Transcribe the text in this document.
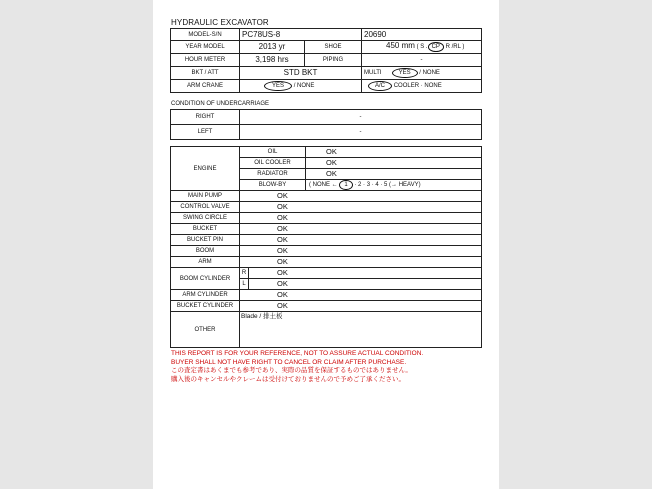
HYDRAULIC EXCAVATOR
MODEL-S/N	PC78US-8		20690
YEAR MODEL	2013 yr	SHOE	450 mm ( S . CP R /RL )
HOUR METER	3,198 hrs	PIPING	-
BKT / ATT	STD BKT		MULTI YES / NONE
ARM CRANE	YES / NONE		A/C COOLER · NONE
CONDITION OF UNDERCARRIAGE
RIGHT	-
LEFT	-
ENGINE	OIL		OK
	OIL COOLER		OK
	RADIATOR		OK
	BLOW-BY		( NONE ← 1 · 2 · 3 · 4 · 5 (→ HEAVY)
MAIN PUMP	OK		
CONTROL VALVE	OK		
SWING CIRCLE	OK		
BUCKET	OK		
BUCKET PIN	OK		
BOOM	OK		
ARM	OK		
BOOM CYLINDER	R	OK	
	L	OK	
ARM CYLINDER	OK		
BUCKET CYLINDER	OK		
OTHER	Blade / 排土板		
THIS REPORT IS FOR YOUR REFERENCE, NOT TO ASSURE ACTUAL CONDITION.
BUYER SHALL NOT HAVE RIGHT TO CANCEL OR CLAIM AFTER PURCHASE.
この査定書はあくまでも参考であり、実際の品質を保証するものではありません。
購入後のキャンセルやクレームは受付けておりませんので予めご了承ください。
